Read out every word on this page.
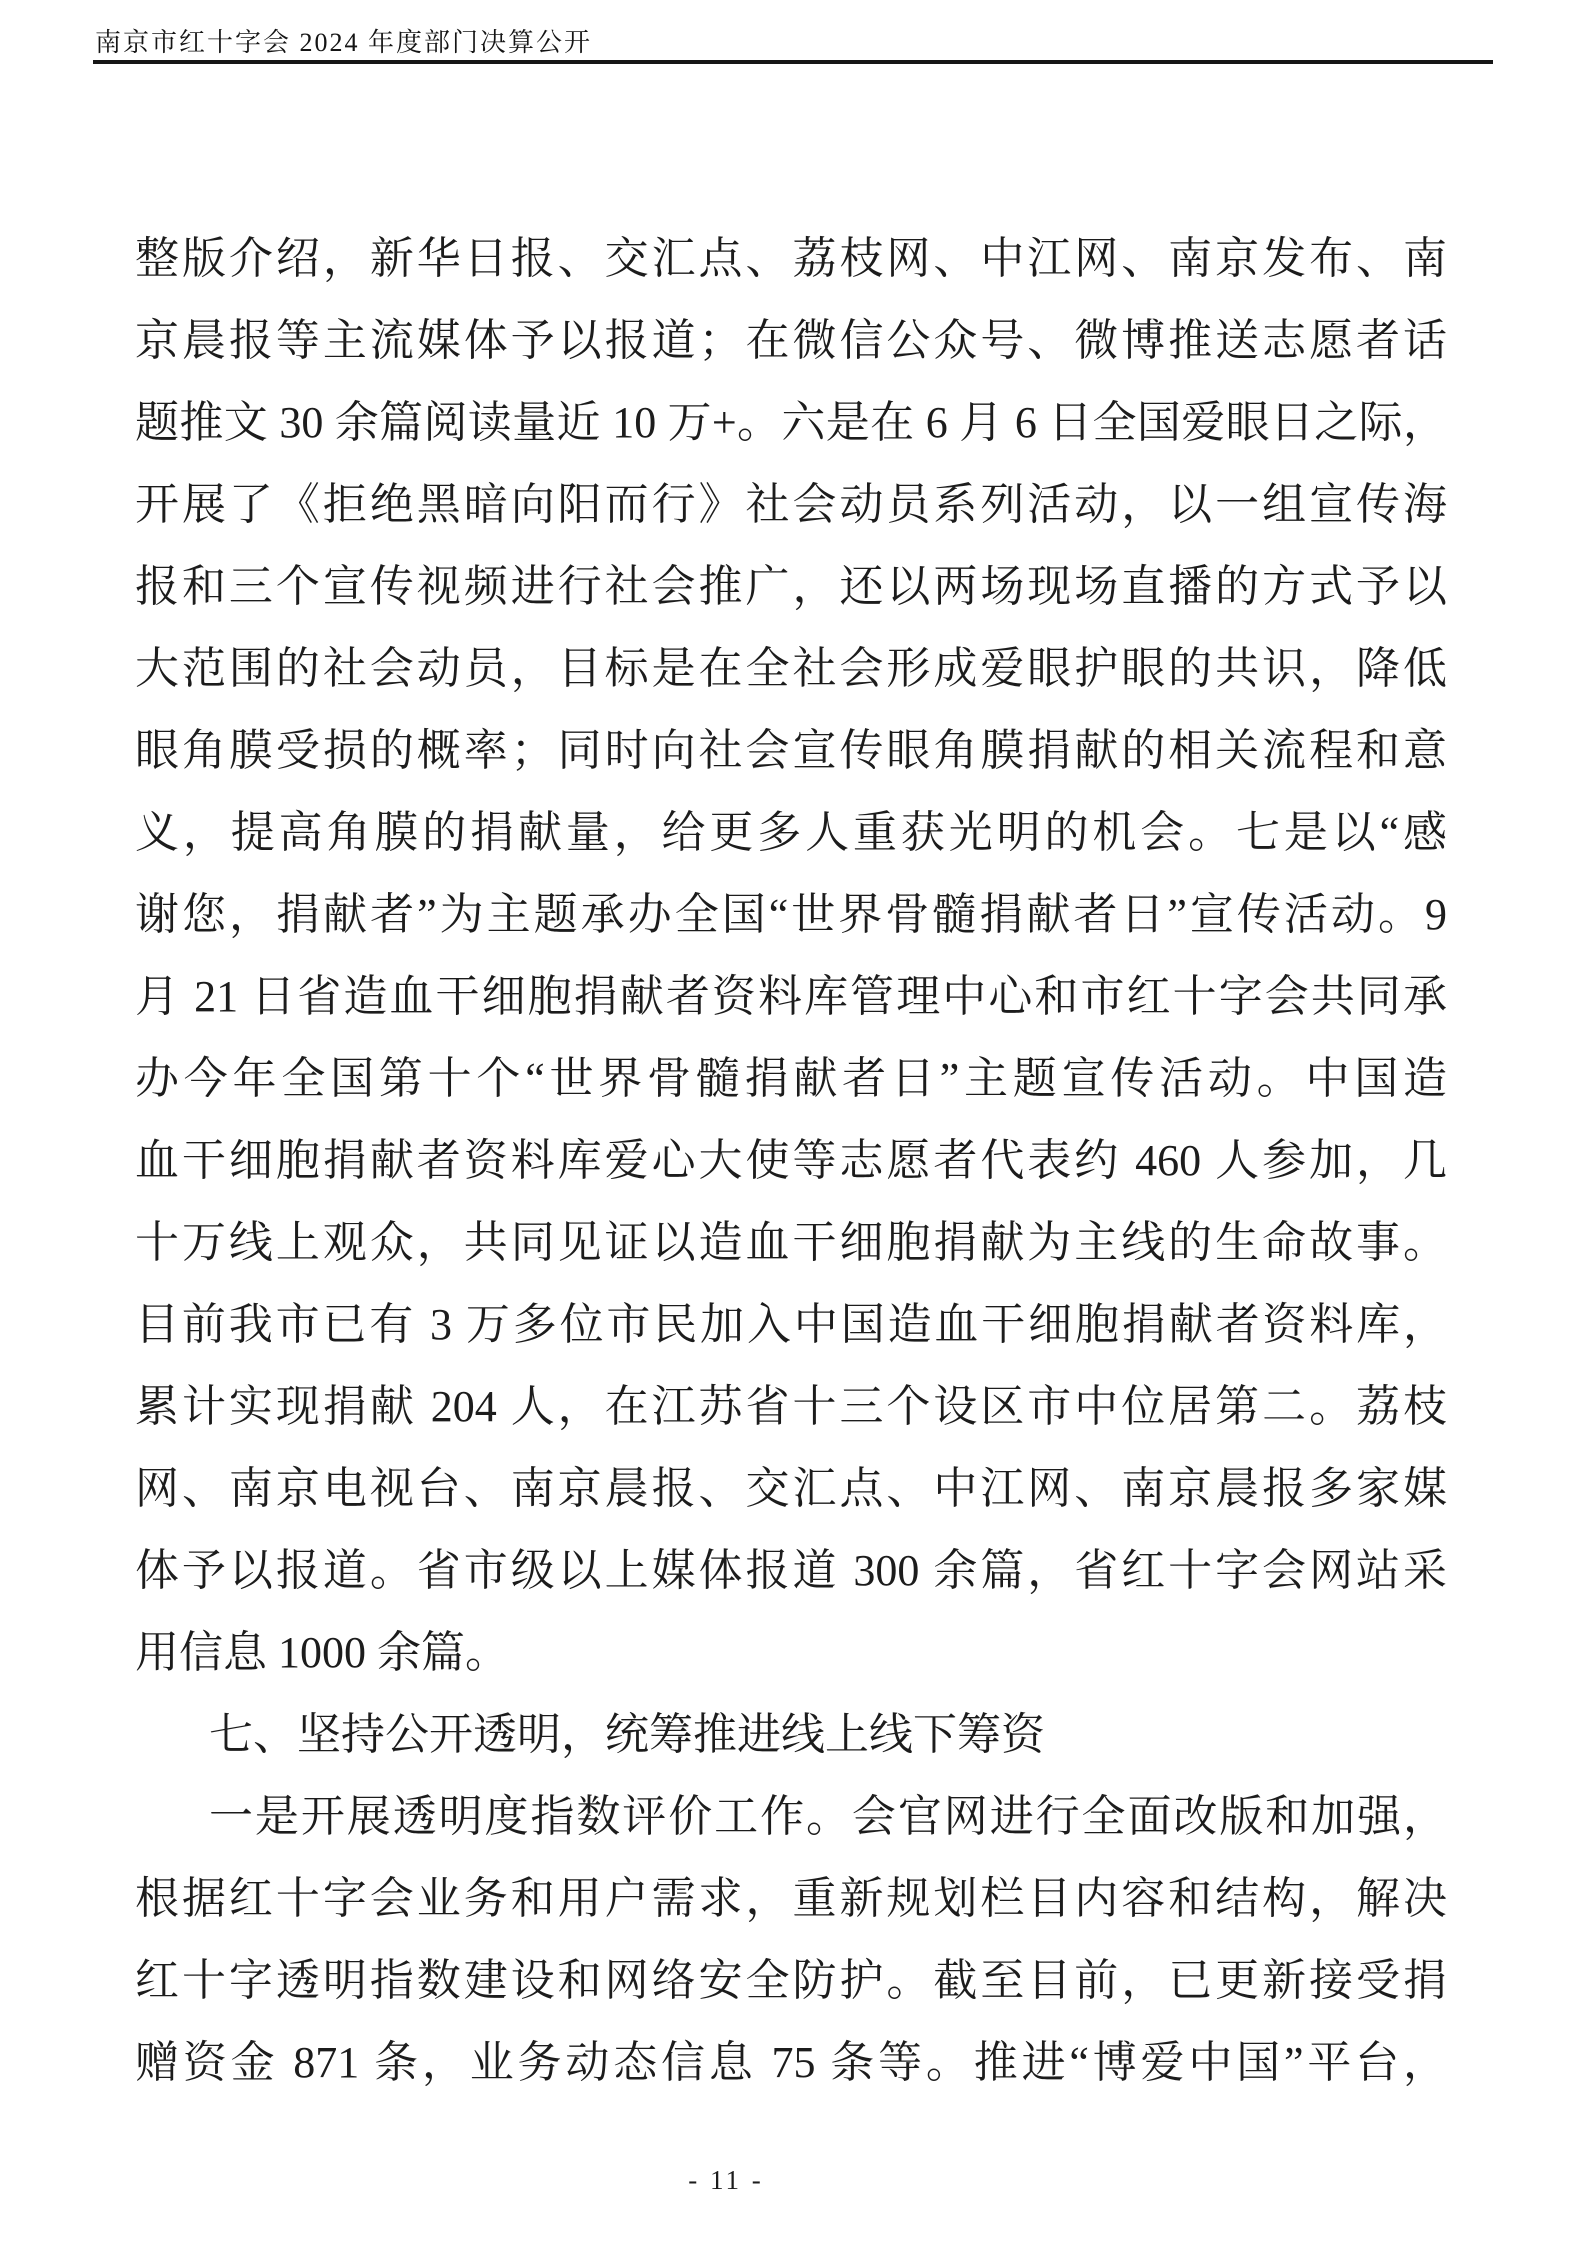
南京市红十字会 2024 年度部门决算公开
整版介绍，新华日报、交汇点、荔枝网、中江网、南京发布、南
京晨报等主流媒体予以报道；在微信公众号、微博推送志愿者话
题推文 30 余篇阅读量近 10 万+。六是在 6 月 6 日全国爱眼日之际，
开展了《拒绝黑暗向阳而行》社会动员系列活动，以一组宣传海
报和三个宣传视频进行社会推广，还以两场现场直播的方式予以
大范围的社会动员，目标是在全社会形成爱眼护眼的共识，降低
眼角膜受损的概率；同时向社会宣传眼角膜捐献的相关流程和意
义，提高角膜的捐献量，给更多人重获光明的机会。七是以“感
谢您，捐献者”为主题承办全国“世界骨髓捐献者日”宣传活动。9
月 21 日省造血干细胞捐献者资料库管理中心和市红十字会共同承
办今年全国第十个“世界骨髓捐献者日”主题宣传活动。中国造
血干细胞捐献者资料库爱心大使等志愿者代表约 460 人参加，几
十万线上观众，共同见证以造血干细胞捐献为主线的生命故事。
目前我市已有 3 万多位市民加入中国造血干细胞捐献者资料库，
累计实现捐献 204 人，在江苏省十三个设区市中位居第二。荔枝
网、南京电视台、南京晨报、交汇点、中江网、南京晨报多家媒
体予以报道。省市级以上媒体报道 300 余篇，省红十字会网站采
用信息 1000 余篇。
七、坚持公开透明，统筹推进线上线下筹资
一是开展透明度指数评价工作。会官网进行全面改版和加强，
根据红十字会业务和用户需求，重新规划栏目内容和结构，解决
红十字透明指数建设和网络安全防护。截至目前，已更新接受捐
赠资金 871 条，业务动态信息 75 条等。推进“博爱中国”平台，
- 11 -
